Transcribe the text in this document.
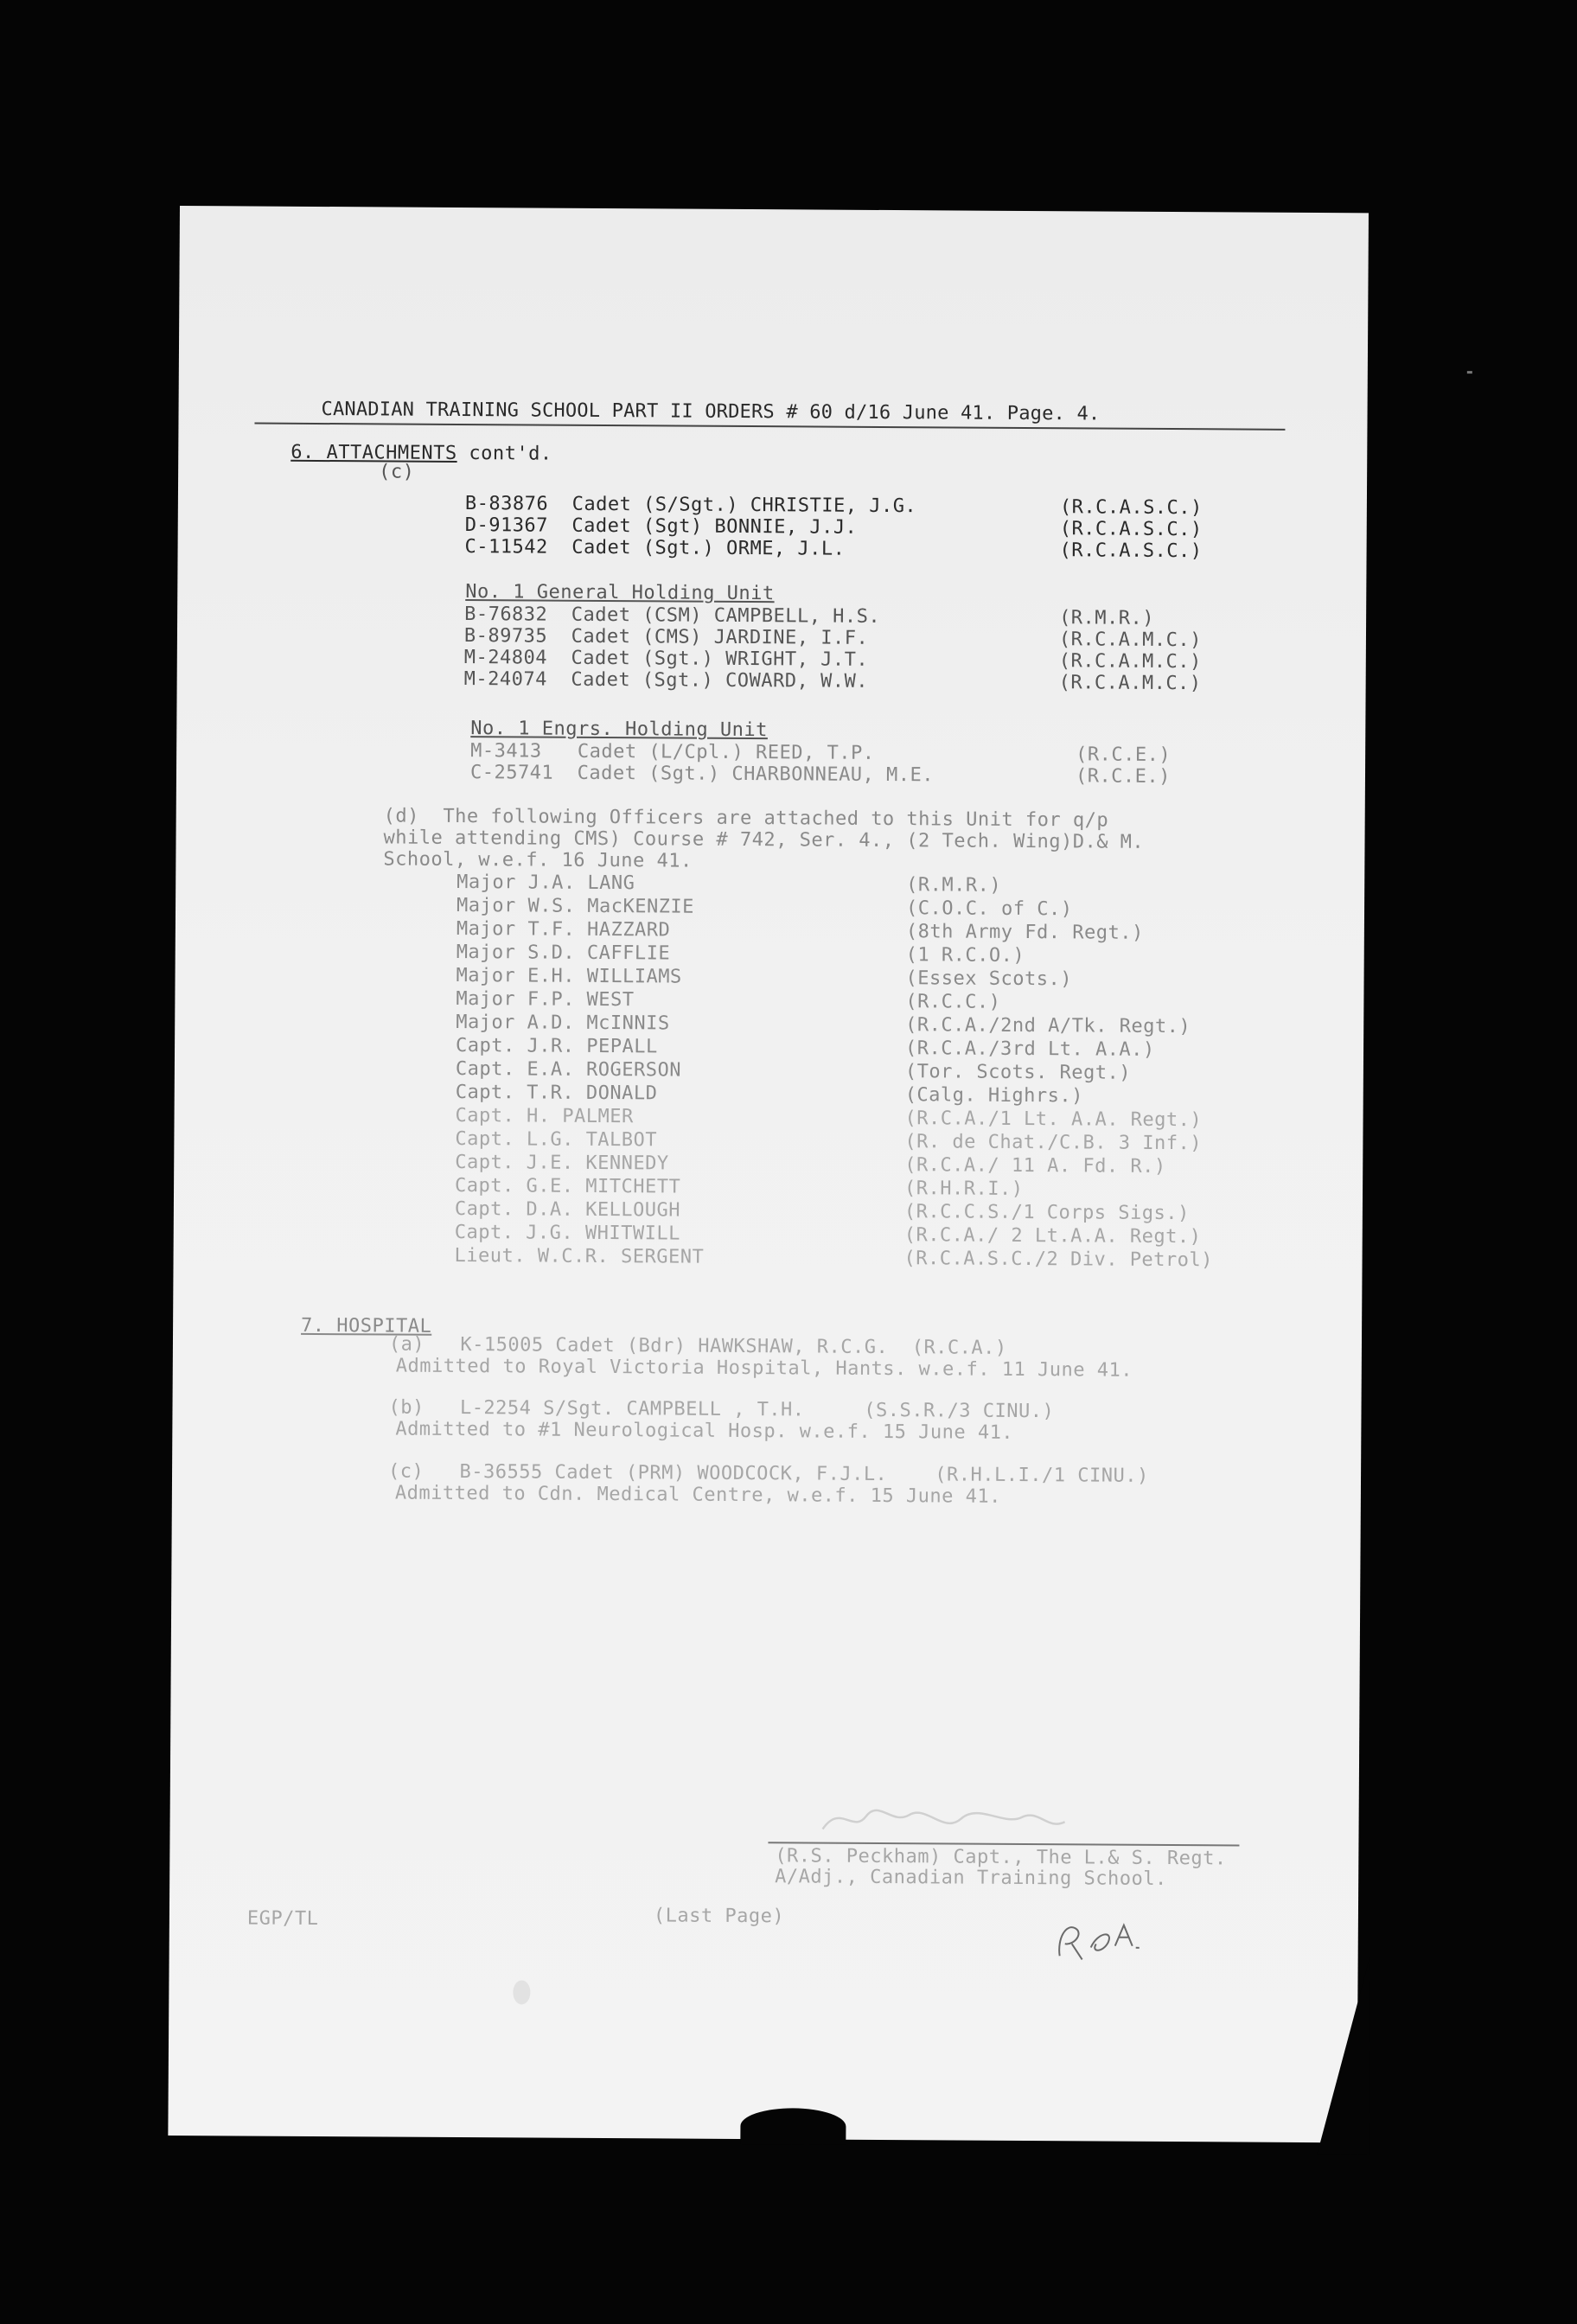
CANADIAN TRAINING SCHOOL PART II ORDERS # 60 d/16 June 41. Page. 4.
6. ATTACHMENTS cont'd.
(c)
B-83876 Cadet (S/Sgt.) CHRISTIE, J.G.	(R.C.A.S.C.)
D-91367 Cadet (Sgt) BONNIE, J.J.	(R.C.A.S.C.)
C-11542 Cadet (Sgt.) ORME, J.L.	(R.C.A.S.C.)
No. 1 General Holding Unit
B-76832 Cadet (CSM) CAMPBELL, H.S.	(R.M.R.)
B-89735 Cadet (CMS) JARDINE, I.F.	(R.C.A.M.C.)
M-24804 Cadet (Sgt.) WRIGHT, J.T.	(R.C.A.M.C.)
M-24074 Cadet (Sgt.) COWARD, W.W.	(R.C.A.M.C.)
No. 1 Engrs. Holding Unit
M-3413 Cadet (L/Cpl.) REED, T.P.	(R.C.E.)
C-25741 Cadet (Sgt.) CHARBONNEAU, M.E.	(R.C.E.)
(d)  The following Officers are attached to this Unit for q/p
while attending CMS) Course # 742, Ser. 4., (2 Tech. Wing)D.& M.
School, w.e.f. 16 June 41.
Major J.A. LANG	(R.M.R.)
Major W.S. MacKENZIE	(C.O.C. of C.)
Major T.F. HAZZARD	(8th Army Fd. Regt.)
Major S.D. CAFFLIE	(1 R.C.O.)
Major E.H. WILLIAMS	(Essex Scots.)
Major F.P. WEST	(R.C.C.)
Major A.D. McINNIS	(R.C.A./2nd A/Tk. Regt.)
Capt. J.R. PEPALL	(R.C.A./3rd Lt. A.A.)
Capt. E.A. ROGERSON	(Tor. Scots. Regt.)
Capt. T.R. DONALD	(Calg. Highrs.)
Capt. H. PALMER	(R.C.A./1 Lt. A.A. Regt.)
Capt. L.G. TALBOT	(R. de Chat./C.B. 3 Inf.)
Capt. J.E. KENNEDY	(R.C.A./ 11 A. Fd. R.)
Capt. G.E. MITCHETT	(R.H.R.I.)
Capt. D.A. KELLOUGH	(R.C.C.S./1 Corps Sigs.)
Capt. J.G. WHITWILL	(R.C.A./ 2 Lt.A.A. Regt.)
Lieut. W.C.R. SERGENT	(R.C.A.S.C./2 Div. Petrol)
7. HOSPITAL
(a)   K-15005 Cadet (Bdr) HAWKSHAW, R.C.G.  (R.C.A.)
Admitted to Royal Victoria Hospital, Hants. w.e.f. 11 June 41.
(b)   L-2254 S/Sgt. CAMPBELL , T.H.     (S.S.R./3 CINU.)
Admitted to #1 Neurological Hosp. w.e.f. 15 June 41.
(c)   B-36555 Cadet (PRM) WOODCOCK, F.J.L.    (R.H.L.I./1 CINU.)
Admitted to Cdn. Medical Centre, w.e.f. 15 June 41.
(R.S. Peckham) Capt., The L.& S. Regt.
A/Adj., Canadian Training School.
EGP/TL	(Last Page)
